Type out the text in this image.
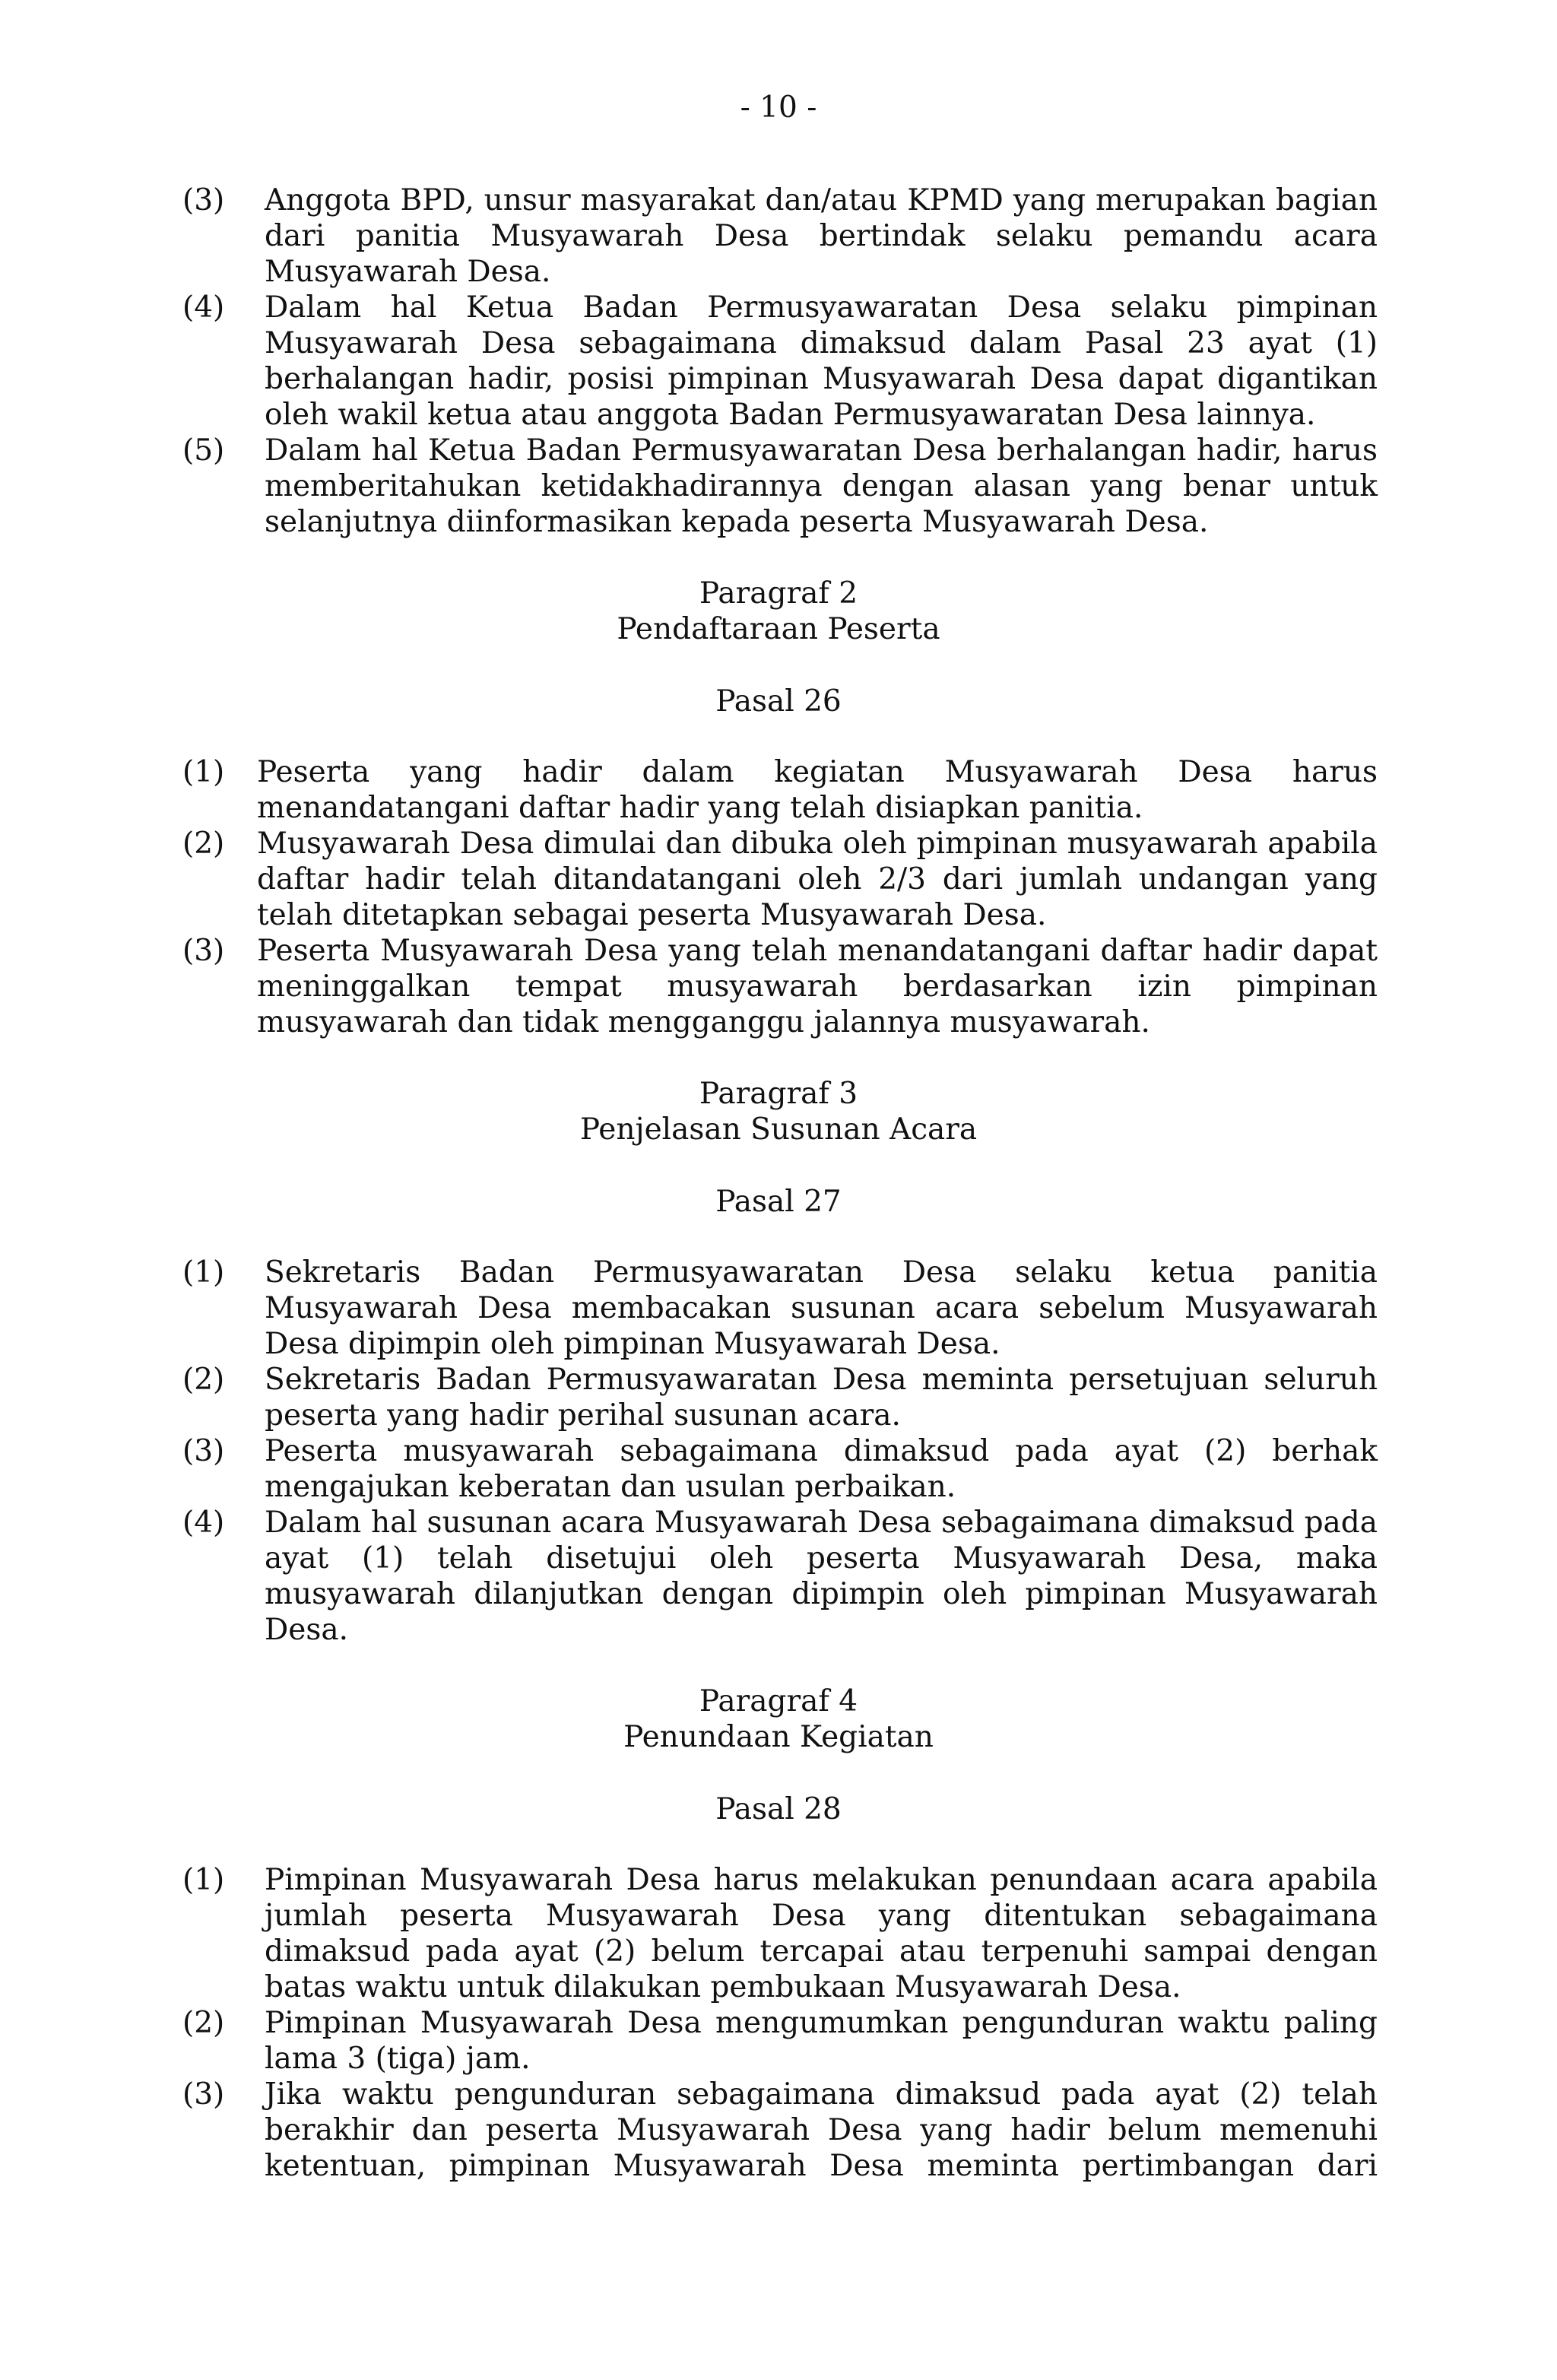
- 10 -
(3)	Anggota BPD, unsur masyarakat dan/atau KPMD yang merupakan bagian dari panitia Musyawarah Desa bertindak selaku pemandu acara Musyawarah Desa.
(4)	Dalam hal Ketua Badan Permusyawaratan Desa selaku pimpinan Musyawarah Desa sebagaimana dimaksud dalam Pasal 23 ayat (1) berhalangan hadir, posisi pimpinan Musyawarah Desa dapat digantikan oleh wakil ketua atau anggota Badan Permusyawaratan Desa lainnya.
(5)	Dalam hal Ketua Badan Permusyawaratan Desa berhalangan hadir, harus memberitahukan ketidakhadirannya dengan alasan yang benar untuk selanjutnya diinformasikan kepada peserta Musyawarah Desa.
Paragraf 2
Pendaftaraan Peserta
Pasal 26
(1)	Peserta yang hadir dalam kegiatan Musyawarah Desa harus menandatangani daftar hadir yang telah disiapkan panitia.
(2)	Musyawarah Desa dimulai dan dibuka oleh pimpinan musyawarah apabila daftar hadir telah ditandatangani oleh 2/3 dari jumlah undangan yang telah ditetapkan sebagai peserta Musyawarah Desa.
(3)	Peserta Musyawarah Desa yang telah menandatangani daftar hadir dapat meninggalkan tempat musyawarah berdasarkan izin pimpinan musyawarah dan tidak mengganggu jalannya musyawarah.
Paragraf 3
Penjelasan Susunan Acara
Pasal 27
(1)	Sekretaris Badan Permusyawaratan Desa selaku ketua panitia Musyawarah Desa membacakan susunan acara sebelum Musyawarah Desa dipimpin oleh pimpinan Musyawarah Desa.
(2)	Sekretaris Badan Permusyawaratan Desa meminta persetujuan seluruh peserta yang hadir perihal susunan acara.
(3)	Peserta musyawarah sebagaimana dimaksud pada ayat (2) berhak mengajukan keberatan dan usulan perbaikan.
(4)	Dalam hal susunan acara Musyawarah Desa sebagaimana dimaksud pada ayat (1) telah disetujui oleh peserta Musyawarah Desa, maka musyawarah dilanjutkan dengan dipimpin oleh pimpinan Musyawarah Desa.
Paragraf 4
Penundaan Kegiatan
Pasal 28
(1)	Pimpinan Musyawarah Desa harus melakukan penundaan acara apabila jumlah peserta Musyawarah Desa yang ditentukan sebagaimana dimaksud pada ayat (2) belum tercapai atau terpenuhi sampai dengan batas waktu untuk dilakukan pembukaan Musyawarah Desa.
(2)	Pimpinan Musyawarah Desa mengumumkan pengunduran waktu paling lama 3 (tiga) jam.
(3)	Jika waktu pengunduran sebagaimana dimaksud pada ayat (2) telah berakhir dan peserta Musyawarah Desa yang hadir belum memenuhi ketentuan, pimpinan Musyawarah Desa meminta pertimbangan dari
